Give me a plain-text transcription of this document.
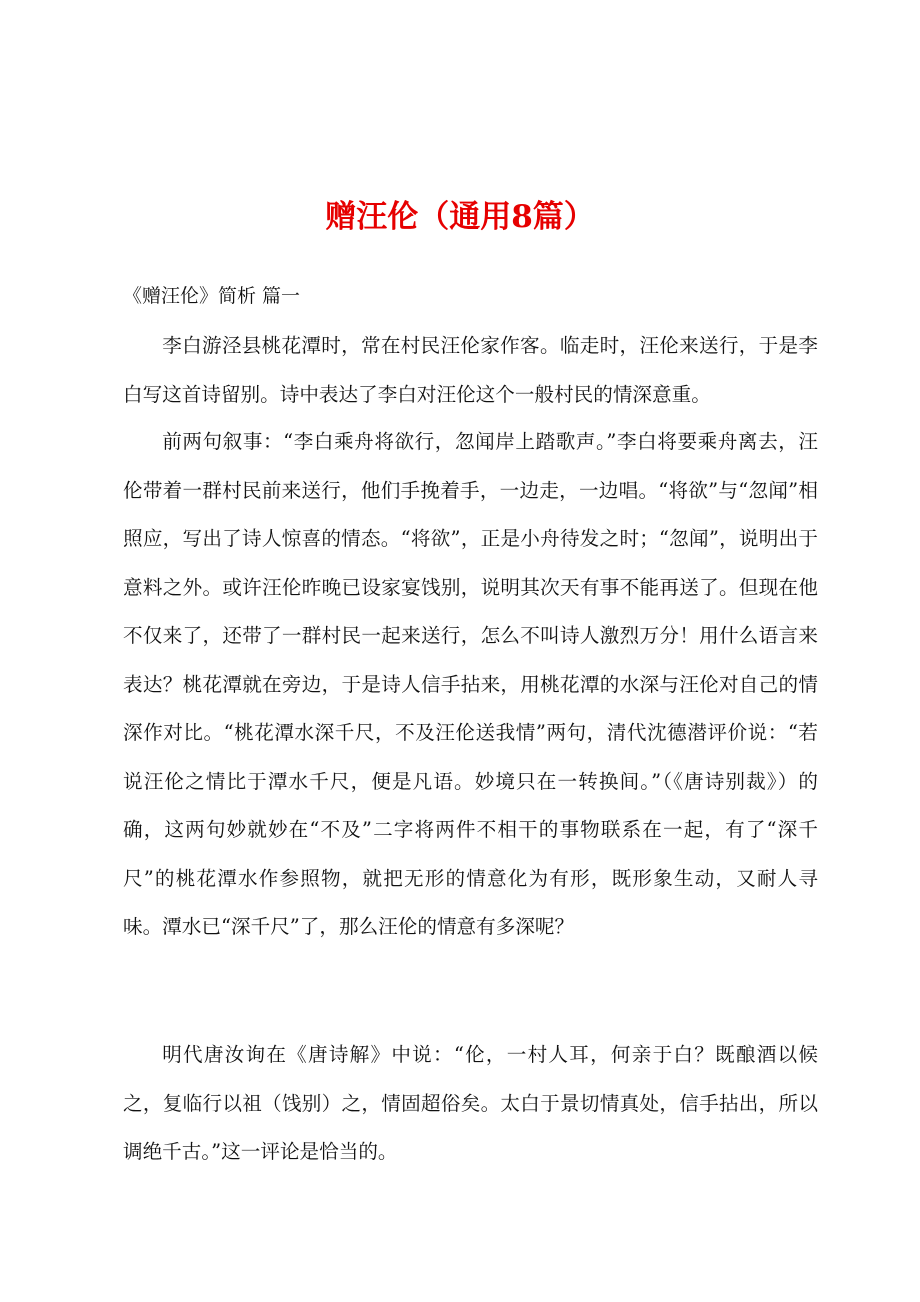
赠汪伦（通用8篇）
《赠汪伦》简析 篇一

李白游泾县桃花潭时，常在村民汪伦家作客。临走时，汪伦来送行，于是李白写这首诗留别。诗中表达了李白对汪伦这个一般村民的情深意重。

前两句叙事：“李白乘舟将欲行，忽闻岸上踏歌声。”李白将要乘舟离去，汪伦带着一群村民前来送行，他们手挽着手，一边走，一边唱。“将欲”与“忽闻”相照应，写出了诗人惊喜的情态。“将欲”，正是小舟待发之时；“忽闻”，说明出于意料之外。或许汪伦昨晚已设家宴饯别，说明其次天有事不能再送了。但现在他不仅来了，还带了一群村民一起来送行，怎么不叫诗人激烈万分！用什么语言来表达？桃花潭就在旁边，于是诗人信手拈来，用桃花潭的水深与汪伦对自己的情深作对比。“桃花潭水深千尺，不及汪伦送我情”两句，清代沈德潜评价说：“若说汪伦之情比于潭水千尺，便是凡语。妙境只在一转换间。”（《唐诗别裁》）的确，这两句妙就妙在“不及”二字将两件不相干的事物联系在一起，有了“深千尺”的桃花潭水作参照物，就把无形的情意化为有形，既形象生动，又耐人寻味。潭水已“深千尺”了，那么汪伦的情意有多深呢？

明代唐汝询在《唐诗解》中说：“伦，一村人耳，何亲于白？既酿酒以候之，复临行以祖（饯别）之，情固超俗矣。太白于景切情真处，信手拈出，所以调绝千古。”这一评论是恰当的。
